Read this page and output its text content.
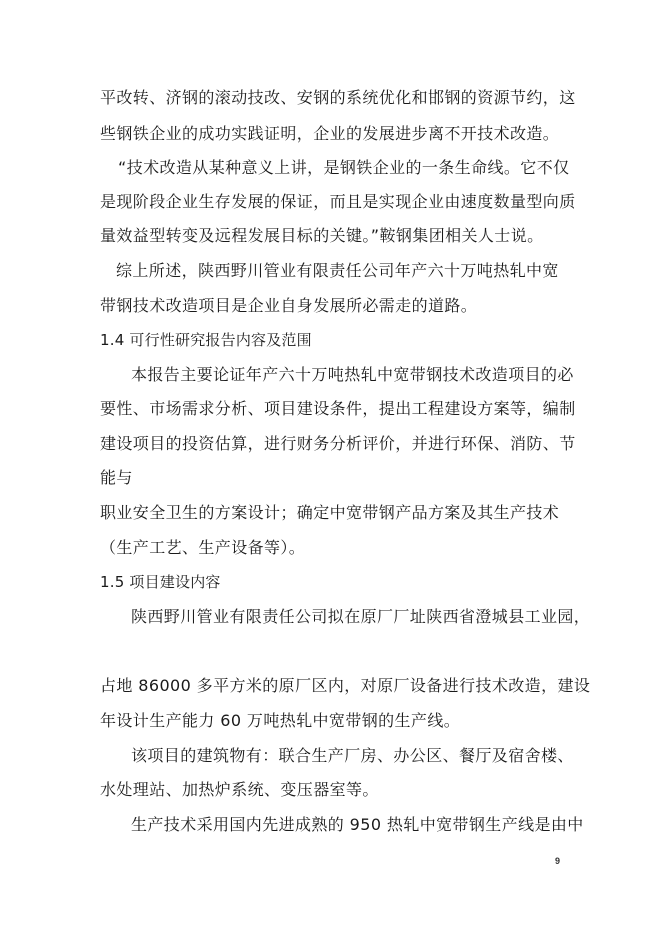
平改转、济钢的滚动技改、安钢的系统优化和邯钢的资源节约，这
些钢铁企业的成功实践证明，企业的发展进步离不开技术改造。
“技术改造从某种意义上讲，是钢铁企业的一条生命线。它不仅
是现阶段企业生存发展的保证，而且是实现企业由速度数量型向质
量效益型转变及远程发展目标的关键。”鞍钢集团相关人士说。
综上所述，陕西野川管业有限责任公司年产六十万吨热轧中宽
带钢技术改造项目是企业自身发展所必需走的道路。
1.4 可行性研究报告内容及范围
本报告主要论证年产六十万吨热轧中宽带钢技术改造项目的必
要性、市场需求分析、项目建设条件，提出工程建设方案等，编制
建设项目的投资估算，进行财务分析评价，并进行环保、消防、节
能与
职业安全卫生的方案设计；确定中宽带钢产品方案及其生产技术
（生产工艺、生产设备等）。
1.5 项目建设内容
陕西野川管业有限责任公司拟在原厂厂址陕西省澄城县工业园，
占地 86000 多平方米的原厂区内，对原厂设备进行技术改造，建设
年设计生产能力 60 万吨热轧中宽带钢的生产线。
该项目的建筑物有：联合生产厂房、办公区、餐厅及宿舍楼、
水处理站、加热炉系统、变压器室等。
生产技术采用国内先进成熟的 950 热轧中宽带钢生产线是由中
9
